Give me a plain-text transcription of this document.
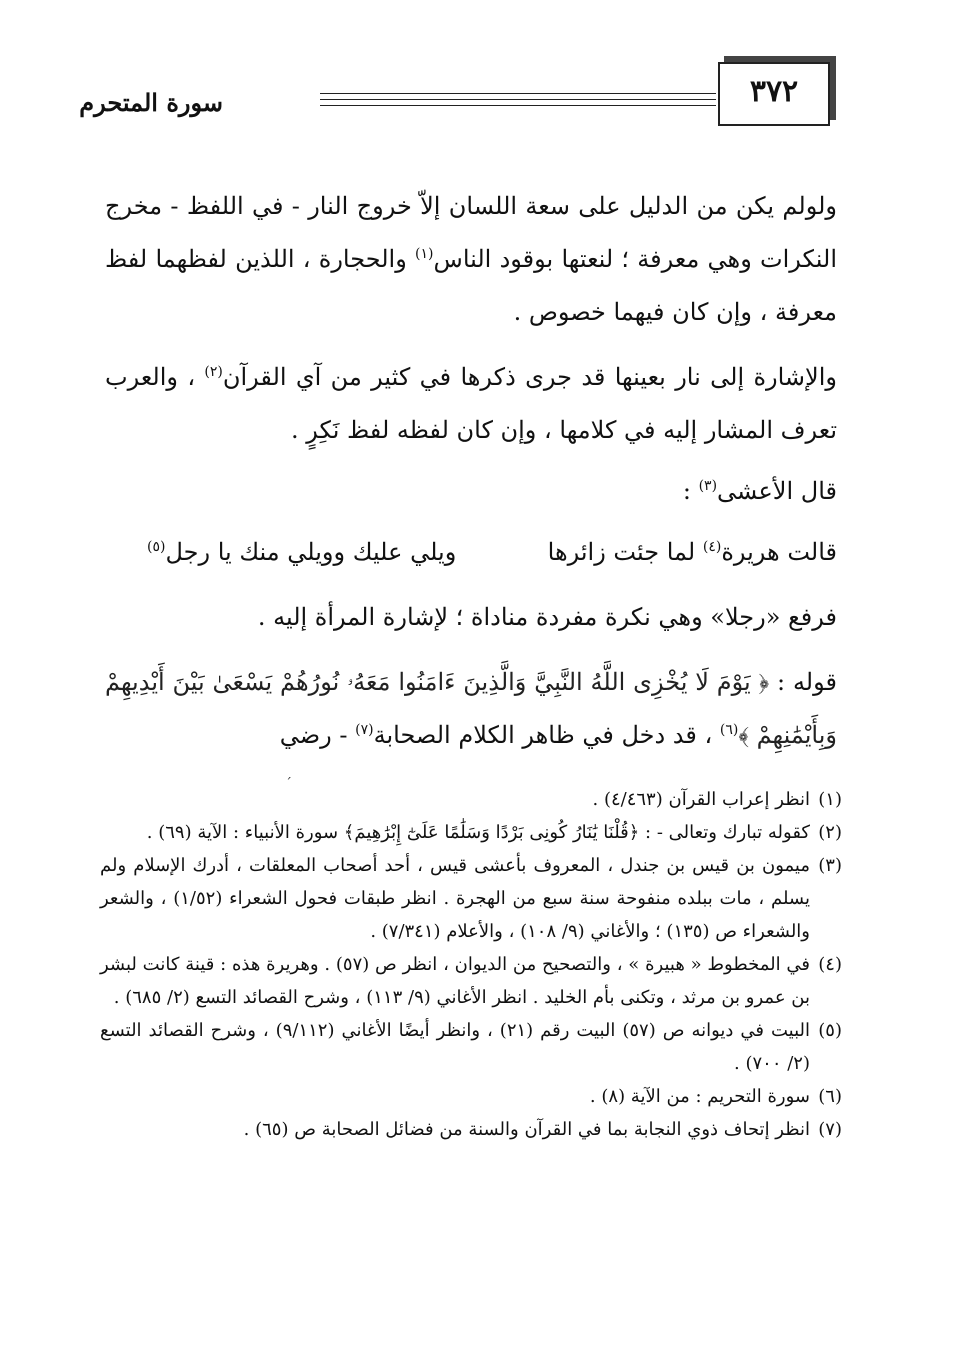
٣٧٢
سورة المتحرم

ولولم يكن من الدليل على سعة اللسان إلاّ خروج النار - في اللفظ - مخرج النكرات وهي معرفة ؛ لنعتها بوقود الناس$^{(١)}$ والحجارة ، اللذين لفظهما لفظ معرفة ، وإن كان فيهما خصوص .

والإشارة إلى نار بعينها قد جرى ذكرها في كثير من آي القرآن$^{(٢)}$ ، والعرب تعرف المشار إليه في كلامها ، وإن كان لفظه لفظ نَكِرٍ .

قال الأعشى$^{(٣)}$ :

قالت هريرة$^{(٤)}$ لما جئت زائرها
ويلي عليك وويلي منك يا رجل$^{(٥)}$

فرفع «رجلا» وهي نكرة مفردة مناداة ؛ لإشارة المرأة إليه .

قوله : ﴿ يَوْمَ لَا يُخْزِى اللَّهُ النَّبِيَّ وَالَّذِينَ ءَامَنُوا مَعَهُۥ نُورُهُمْ يَسْعَىٰ بَيْنَ أَيْدِيهِمْ وَبِأَيْمَٰنِهِمْ ﴾$^{(٦)}$ ، قد دخل في ظاهر الكلام الصحابة$^{(٧)}$ - رضي

´
(١)
انظر إعراب القرآن (٤/٤٦٣) .
(٢)
كقوله تبارك وتعالى - : ﴿قُلْنَا يَٰنَارُ كُونِى بَرْدًا وَسَلَٰمًا عَلَىٰٓ إِبْرَٰهِيمَ﴾ سورة الأنبياء : الآية (٦٩) .
(٣)
ميمون بن قيس بن جندل ، المعروف بأعشى قيس ، أحد أصحاب المعلقات ، أدرك الإسلام ولم يسلم ، مات ببلده منفوحة سنة سبع من الهجرة . انظر طبقات فحول الشعراء (١/٥٢) ، والشعر والشعراء ص (١٣٥) ؛ والأغاني (٩/ ١٠٨) ، والأعلام (٧/٣٤١) .
(٤)
في المخطوط « هبيرة » ، والتصحيح من الديوان ، انظر ص (٥٧) . وهريرة هذه : قينة كانت لبشر بن عمرو بن مرثد ، وتكنى بأم الخليد . انظر الأغاني (٩/ ١١٣) ، وشرح القصائد التسع (٢/ ٦٨٥) .
(٥)
البيت في ديوانه ص (٥٧) البيت رقم (٢١) ، وانظر أيضًا الأغاني (٩/١١٢) ، وشرح القصائد التسع (٢/ ٧٠٠) .
(٦)
سورة التحريم : من الآية (٨) .
(٧)
انظر إتحاف ذوي النجابة بما في القرآن والسنة من فضائل الصحابة ص (٦٥) .
